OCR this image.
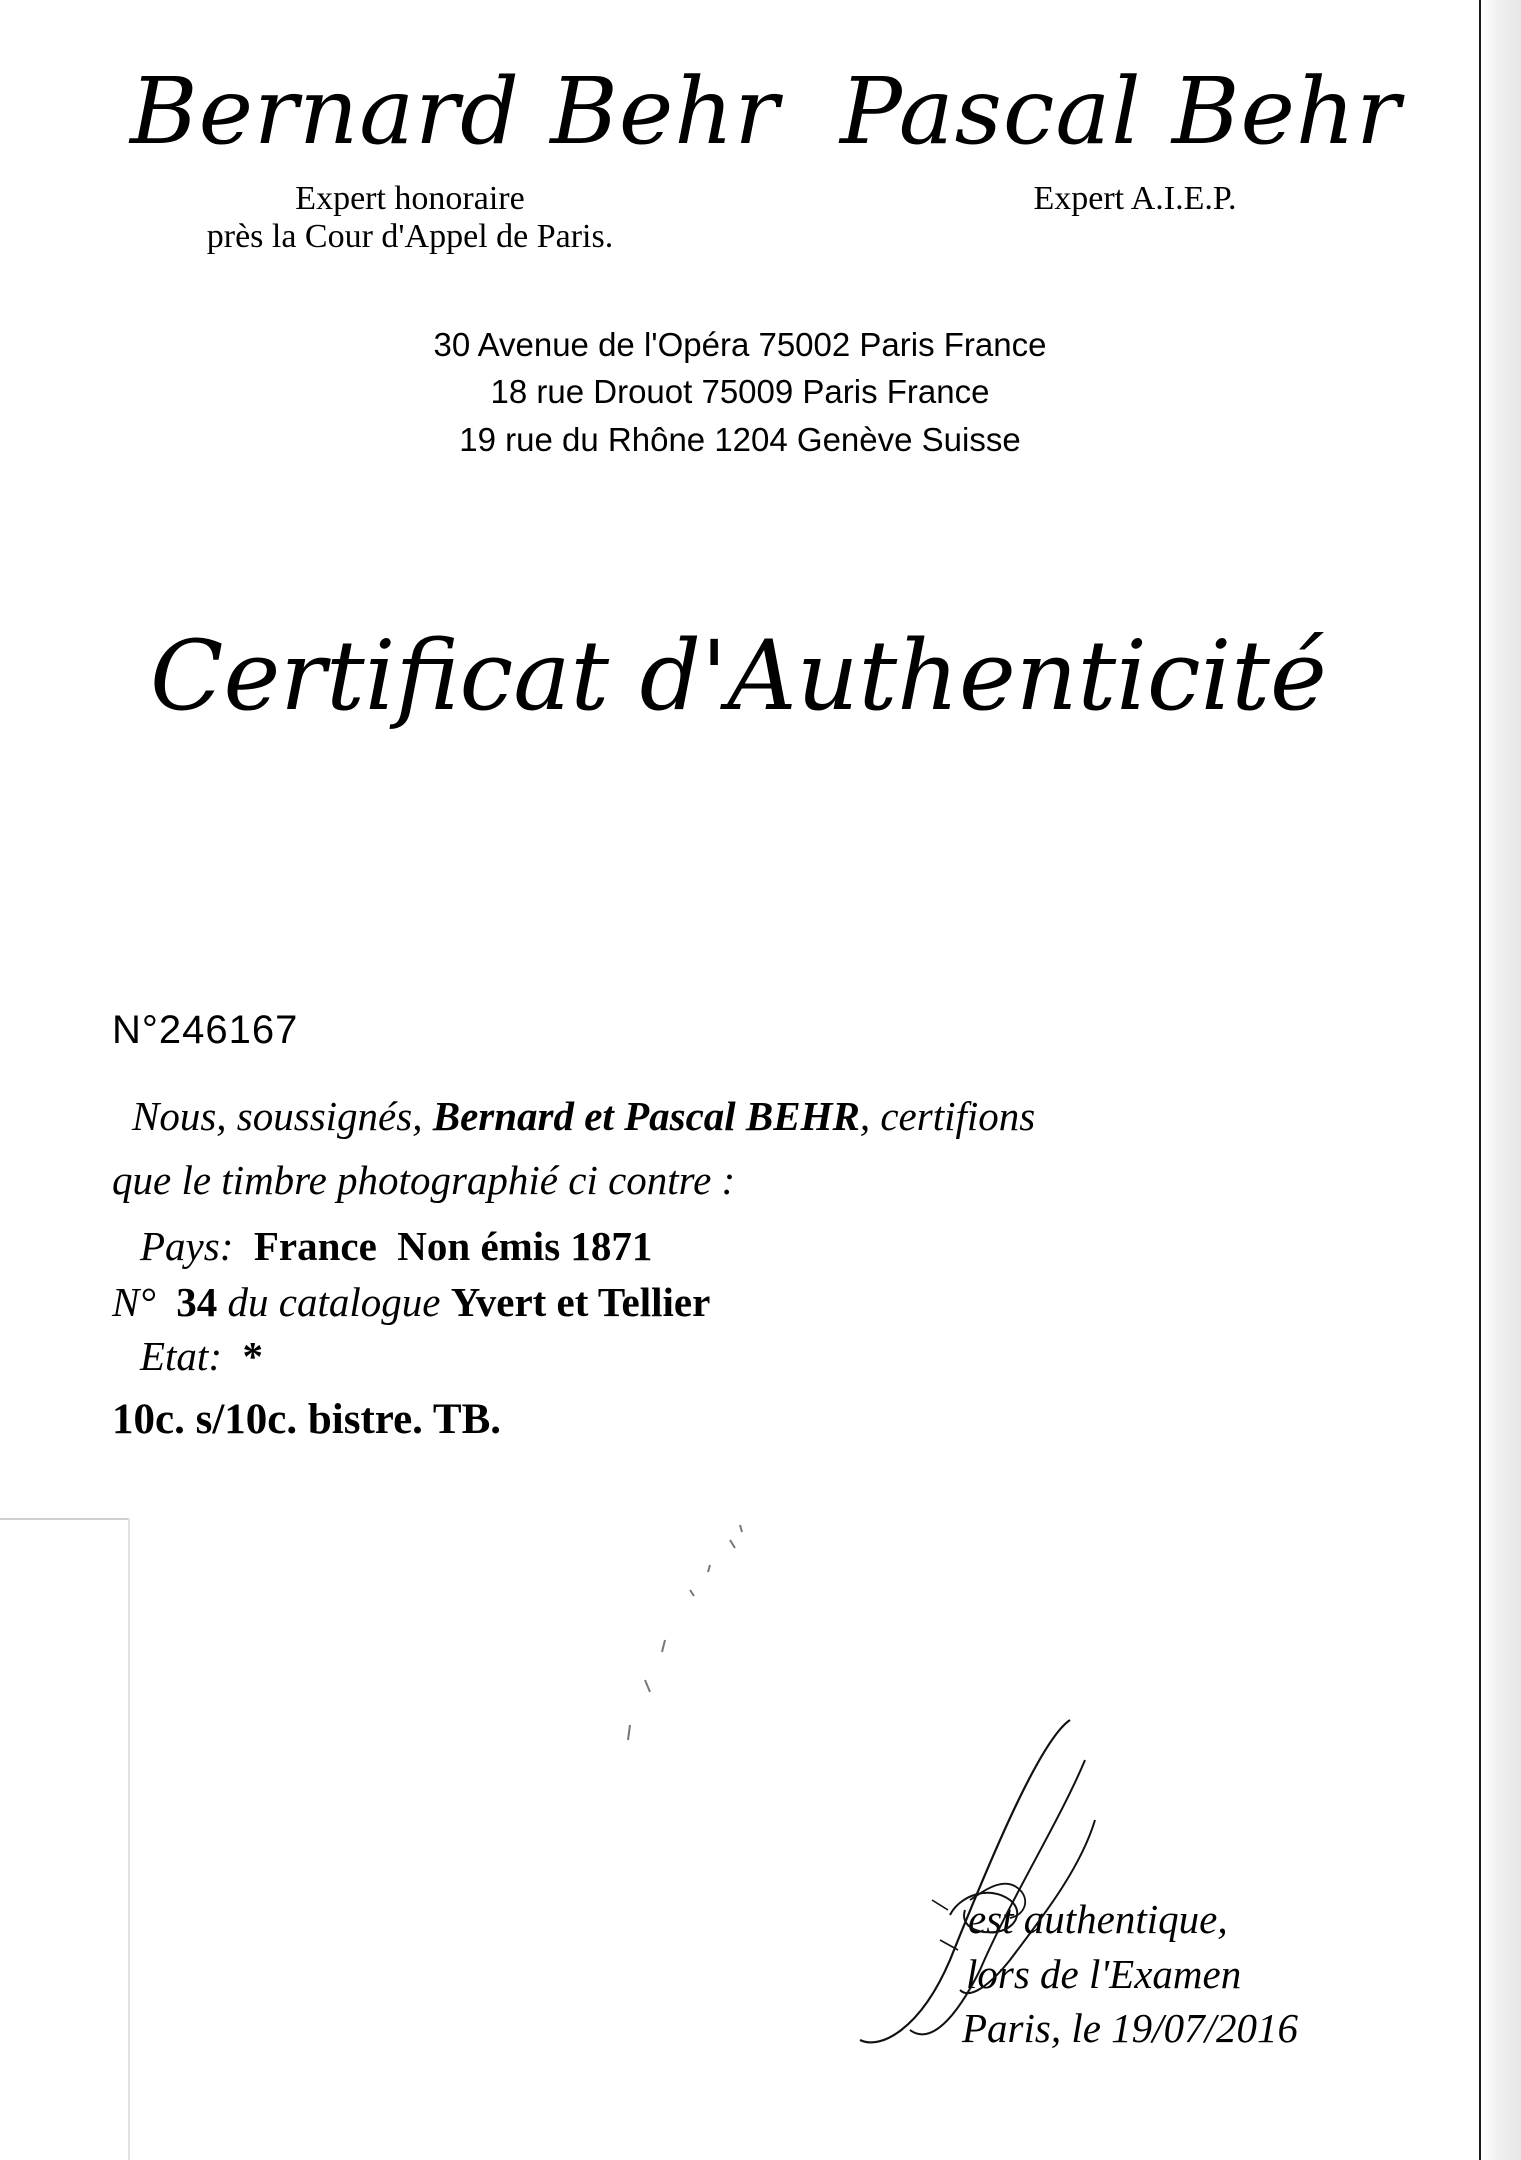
Bernard Behr
Expert honoraire
près la Cour d'Appel de Paris.
Pascal Behr
Expert A.I.E.P.
30 Avenue de l'Opéra 75002 Paris France
18 rue Drouot 75009 Paris France
19 rue du Rhône 1204 Genève Suisse
Certificat d'Authenticité
N°246167
Nous, soussignés, Bernard et Pascal BEHR, certifions
que le timbre photographié ci contre :
Pays: France  Non émis 1871
N° 34 du catalogue Yvert et Tellier
Etat: *
10c. s/10c. bistre. TB.
est authentique,
lors de l'Examen
Paris, le 19/07/2016
